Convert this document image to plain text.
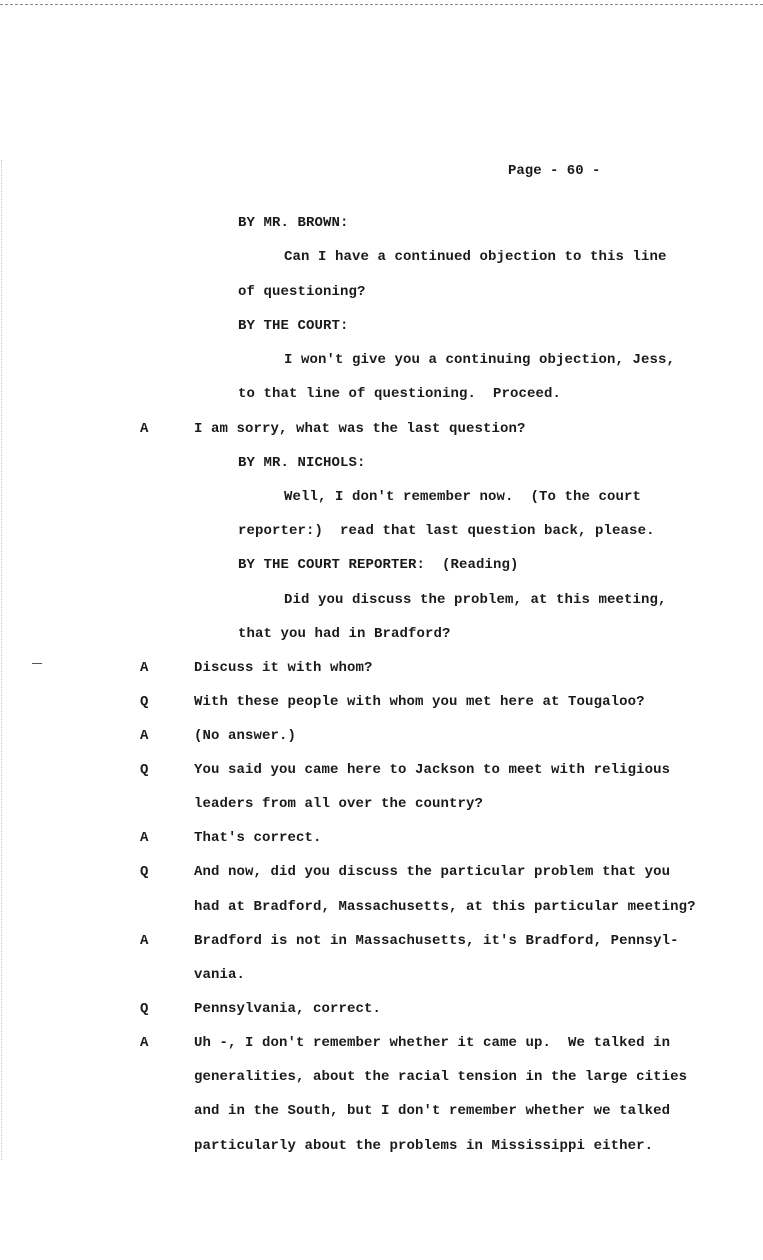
Page - 60 -
BY MR. BROWN:
Can I have a continued objection to this line
of questioning?
BY THE COURT:
I won't give you a continuing objection, Jess,
to that line of questioning.  Proceed.
A	I am sorry, what was the last question?
BY MR. NICHOLS:
Well, I don't remember now.  (To the court
reporter:)  read that last question back, please.
BY THE COURT REPORTER:  (Reading)
Did you discuss the problem, at this meeting,
that you had in Bradford?
A	Discuss it with whom?
Q	With these people with whom you met here at Tougaloo?
A	(No answer.)
Q	You said you came here to Jackson to meet with religious
leaders from all over the country?
A	That's correct.
Q	And now, did you discuss the particular problem that you
had at Bradford, Massachusetts, at this particular meeting?
A	Bradford is not in Massachusetts, it's Bradford, Pennsyl-
vania.
Q	Pennsylvania, correct.
A	Uh -, I don't remember whether it came up.  We talked in
generalities, about the racial tension in the large cities
and in the South, but I don't remember whether we talked
particularly about the problems in Mississippi either.
